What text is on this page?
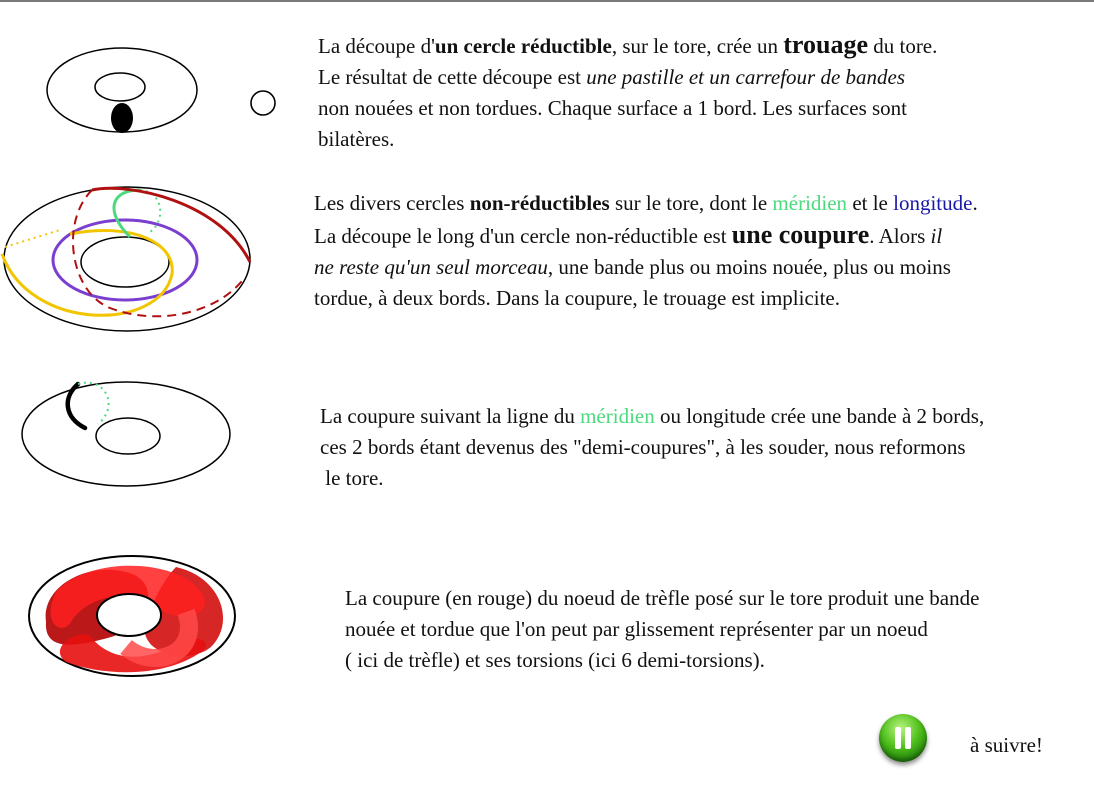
La découpe d'un cercle réductible, sur le tore, crée un trouage du tore.
Le résultat de cette découpe est une pastille et un carrefour de bandes
non nouées et non tordues. Chaque surface a 1 bord. Les surfaces sont
bilatères.
Les divers cercles non-réductibles sur le tore, dont le méridien et le longitude.
La découpe le long d'un cercle non-réductible est une coupure. Alors il
ne reste qu'un seul morceau, une bande plus ou moins nouée, plus ou moins
tordue, à deux bords. Dans la coupure, le trouage est implicite.
La coupure suivant la ligne du méridien ou longitude crée une bande à 2 bords,
ces 2 bords étant devenus des "demi-coupures", à les souder, nous reformons
le tore.
La coupure (en rouge) du noeud de trèfle posé sur le tore produit une bande
nouée et tordue que l'on peut par glissement représenter par un noeud
( ici de trèfle) et ses torsions (ici 6 demi-torsions).
à suivre!
